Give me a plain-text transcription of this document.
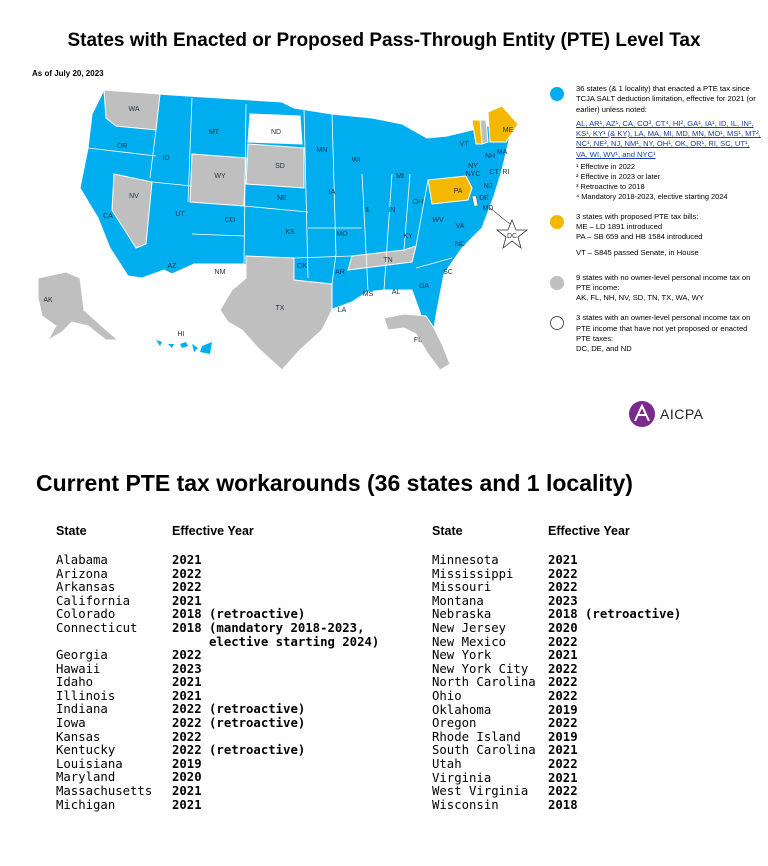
States with Enacted or Proposed Pass-Through Entity (PTE) Level Tax
As of July 20, 2023
WA
MT	ND
MN
OR
ID
SD
WI
MI
WY
NE
IA
IL	IN
OH
PA
NY
NYC
VT
NH
ME
MA
RI
CT
NJ
DE
MD
NV
CA	UT
CO
KS	MO	KY
WV
VA
DC
AZ
NM
OK
AR
TN
NC
SC
GA
AL
MS
LA
TX
FL
AK
HI
36 states (& 1 locality) that enacted a PTE tax since TCJA SALT deduction limitation, effective for 2021 (or earlier) unless noted:
AL, AR¹, AZ¹, CA, CO³, CT⁴, HI², GA¹, IA¹, ID, IL, IN¹, KS¹, KY¹ (& KY), LA, MA, MI, MD, MN, MO¹, MS¹, MT², NC¹, NE³, NJ, NM¹, NY, OH¹, OK, OR¹, RI, SC, UT¹, VA, WI, WV¹, and NYC¹
¹ Effective in 2022
² Effective in 2023 or later
³ Retroactive to 2018
⁴ Mandatory 2018-2023, elective starting 2024
3 states with proposed PTE tax bills:
ME – LD 1891 introduced
PA – SB 659 and HB 1584 introduced
VT – S845 passed Senate, in House
9 states with no owner-level personal income tax on PTE income:
AK, FL, NH, NV, SD, TN, TX, WA, WY
3 states with an owner-level personal income tax on PTE income that have not yet proposed or enacted PTE taxes:
DC, DE, and ND
AICPA
Current PTE tax workarounds (36 states and 1 locality)
State	Effective Year
Alabama	2021
Arizona	2022
Arkansas	2022
California	2021
Colorado	2018 (retroactive)
Connecticut	2018 (mandatory 2018-2023,
elective starting 2024)
Georgia	2022
Hawaii	2023
Idaho	2021
Illinois	2021
Indiana	2022 (retroactive)
Iowa	2022 (retroactive)
Kansas	2022
Kentucky	2022 (retroactive)
Louisiana	2019
Maryland	2020
Massachusetts 2021
Michigan	2021
State	Effective Year
Minnesota	2021
Mississippi	2022
Missouri	2022
Montana	2023
Nebraska	2018 (retroactive)
New Jersey	2020
New Mexico	2022
New York	2021
New York City 2022
North Carolina 2022
Ohio	2022
Oklahoma	2019
Oregon	2022
Rhode Island 2019
South Carolina 2021
Utah	2022
Virginia	2021
West Virginia 2022
Wisconsin	2018
